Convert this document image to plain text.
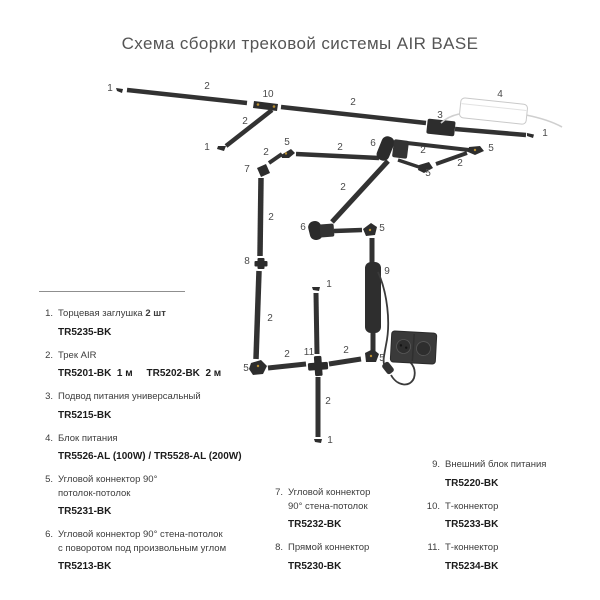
Схема сборки трековой системы AIR BASE
1	2
10
2
3
4
1
2
1	5
2
7
2	6
2	5
2
5
2
6	5
2
8
9
1
2
5
2 11	2
5
2
1
1. Торцевая заглушка 2 шт
TR5235-BK
2. Трек AIR
TR5201-BK  1 м     TR5202-BK  2 м
3. Подвод питания универсальный
TR5215-BK
4. Блок питания
TR5526-AL (100W) / TR5528-AL (200W)
5. Угловой коннектор 90°
потолок-потолок
TR5231-BK
6. Угловой коннектор 90° стена-потолок
с поворотом под произвольным углом
TR5213-BK
7. Угловой коннектор
90° стена-потолок
TR5232-BK
8. Прямой коннектор
TR5230-BK
9. Внешний блок питания
TR5220-BK
10. Т-коннектор
TR5233-BK
11. Т-коннектор
TR5234-BK
